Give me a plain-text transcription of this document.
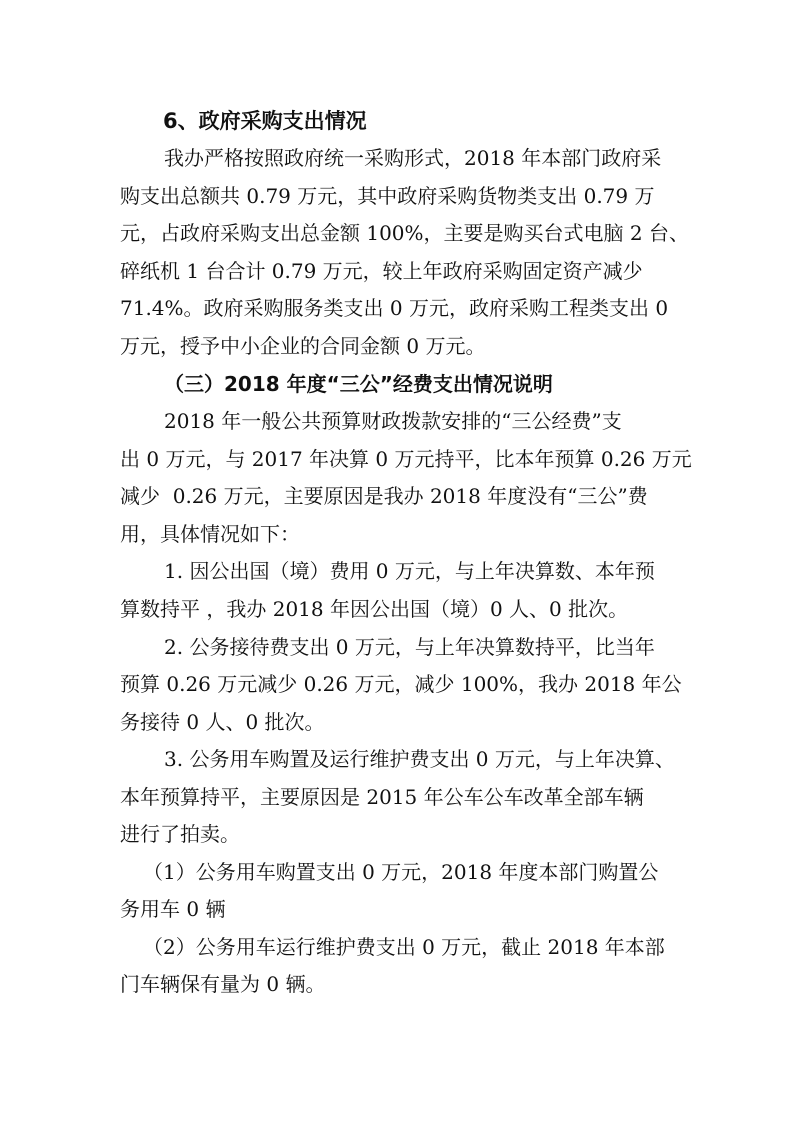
6、政府采购支出情况
我办严格按照政府统一采购形式，2018 年本部门政府采
购支出总额共 0.79 万元，其中政府采购货物类支出 0.79 万
元，占政府采购支出总金额 100%，主要是购买台式电脑 2 台、
碎纸机 1 台合计 0.79 万元，较上年政府采购固定资产减少
71.4%。政府采购服务类支出 0 万元，政府采购工程类支出 0
万元，授予中小企业的合同金额 0 万元。
（三）2018 年度“三公”经费支出情况说明
2018 年一般公共预算财政拨款安排的“三公经费”支
出 0 万元，与 2017 年决算 0 万元持平，比本年预算 0.26 万元
减少  0.26 万元，主要原因是我办 2018 年度没有“三公”费
用，具体情况如下：
1. 因公出国（境）费用 0 万元，与上年决算数、本年预
算数持平 ，我办 2018 年因公出国（境）0 人、0 批次。
2. 公务接待费支出 0 万元，与上年决算数持平，比当年
预算 0.26 万元减少 0.26 万元，减少 100%，我办 2018 年公
务接待 0 人、0 批次。
3. 公务用车购置及运行维护费支出 0 万元，与上年决算、
本年预算持平，主要原因是 2015 年公车公车改革全部车辆
进行了拍卖。
（1）公务用车购置支出 0 万元，2018 年度本部门购置公
务用车 0 辆
（2）公务用车运行维护费支出 0 万元，截止 2018 年本部
门车辆保有量为 0 辆。
